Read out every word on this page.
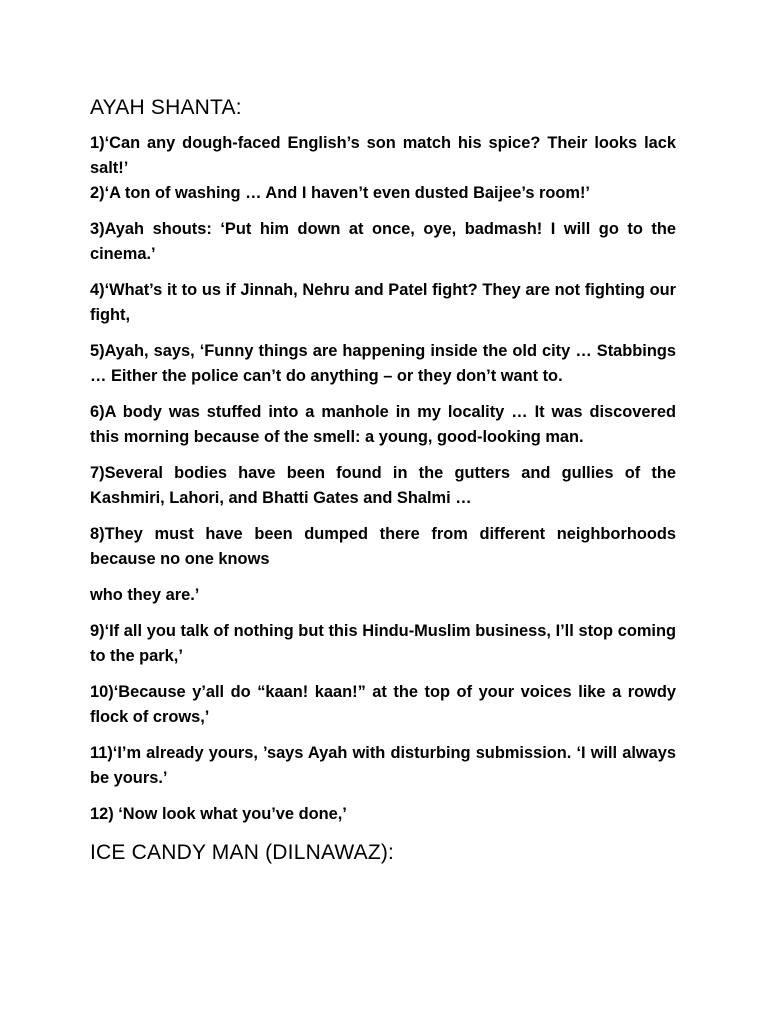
AYAH SHANTA:

1)‘Can any dough-faced English’s son match his spice? Their looks lack salt!’

2)‘A ton of washing … And I haven’t even dusted Baijee’s room!’

3)Ayah shouts: ‘Put him down at once, oye, badmash! I will go to the cinema.’

4)‘What’s it to us if Jinnah, Nehru and Patel fight? They are not fighting our fight,

5)Ayah, says, ‘Funny things are happening inside the old city … Stabbings … Either the police can’t do anything – or they don’t want to.

6)A body was stuffed into a manhole in my locality … It was discovered this morning because of the smell: a young, good-looking man.

7)Several bodies have been found in the gutters and gullies of the Kashmiri, Lahori, and Bhatti Gates and Shalmi …

8)They must have been dumped there from different neighborhoods because no one knows

who they are.’

9)‘If all you talk of nothing but this Hindu-Muslim business, I’ll stop coming to the park,’

10)‘Because y’all do “kaan! kaan!” at the top of your voices like a rowdy flock of crows,’

11)‘I’m already yours, ’says Ayah with disturbing submission. ‘I will always be yours.’

12) ‘Now look what you’ve done,’

ICE CANDY MAN (DILNAWAZ):
